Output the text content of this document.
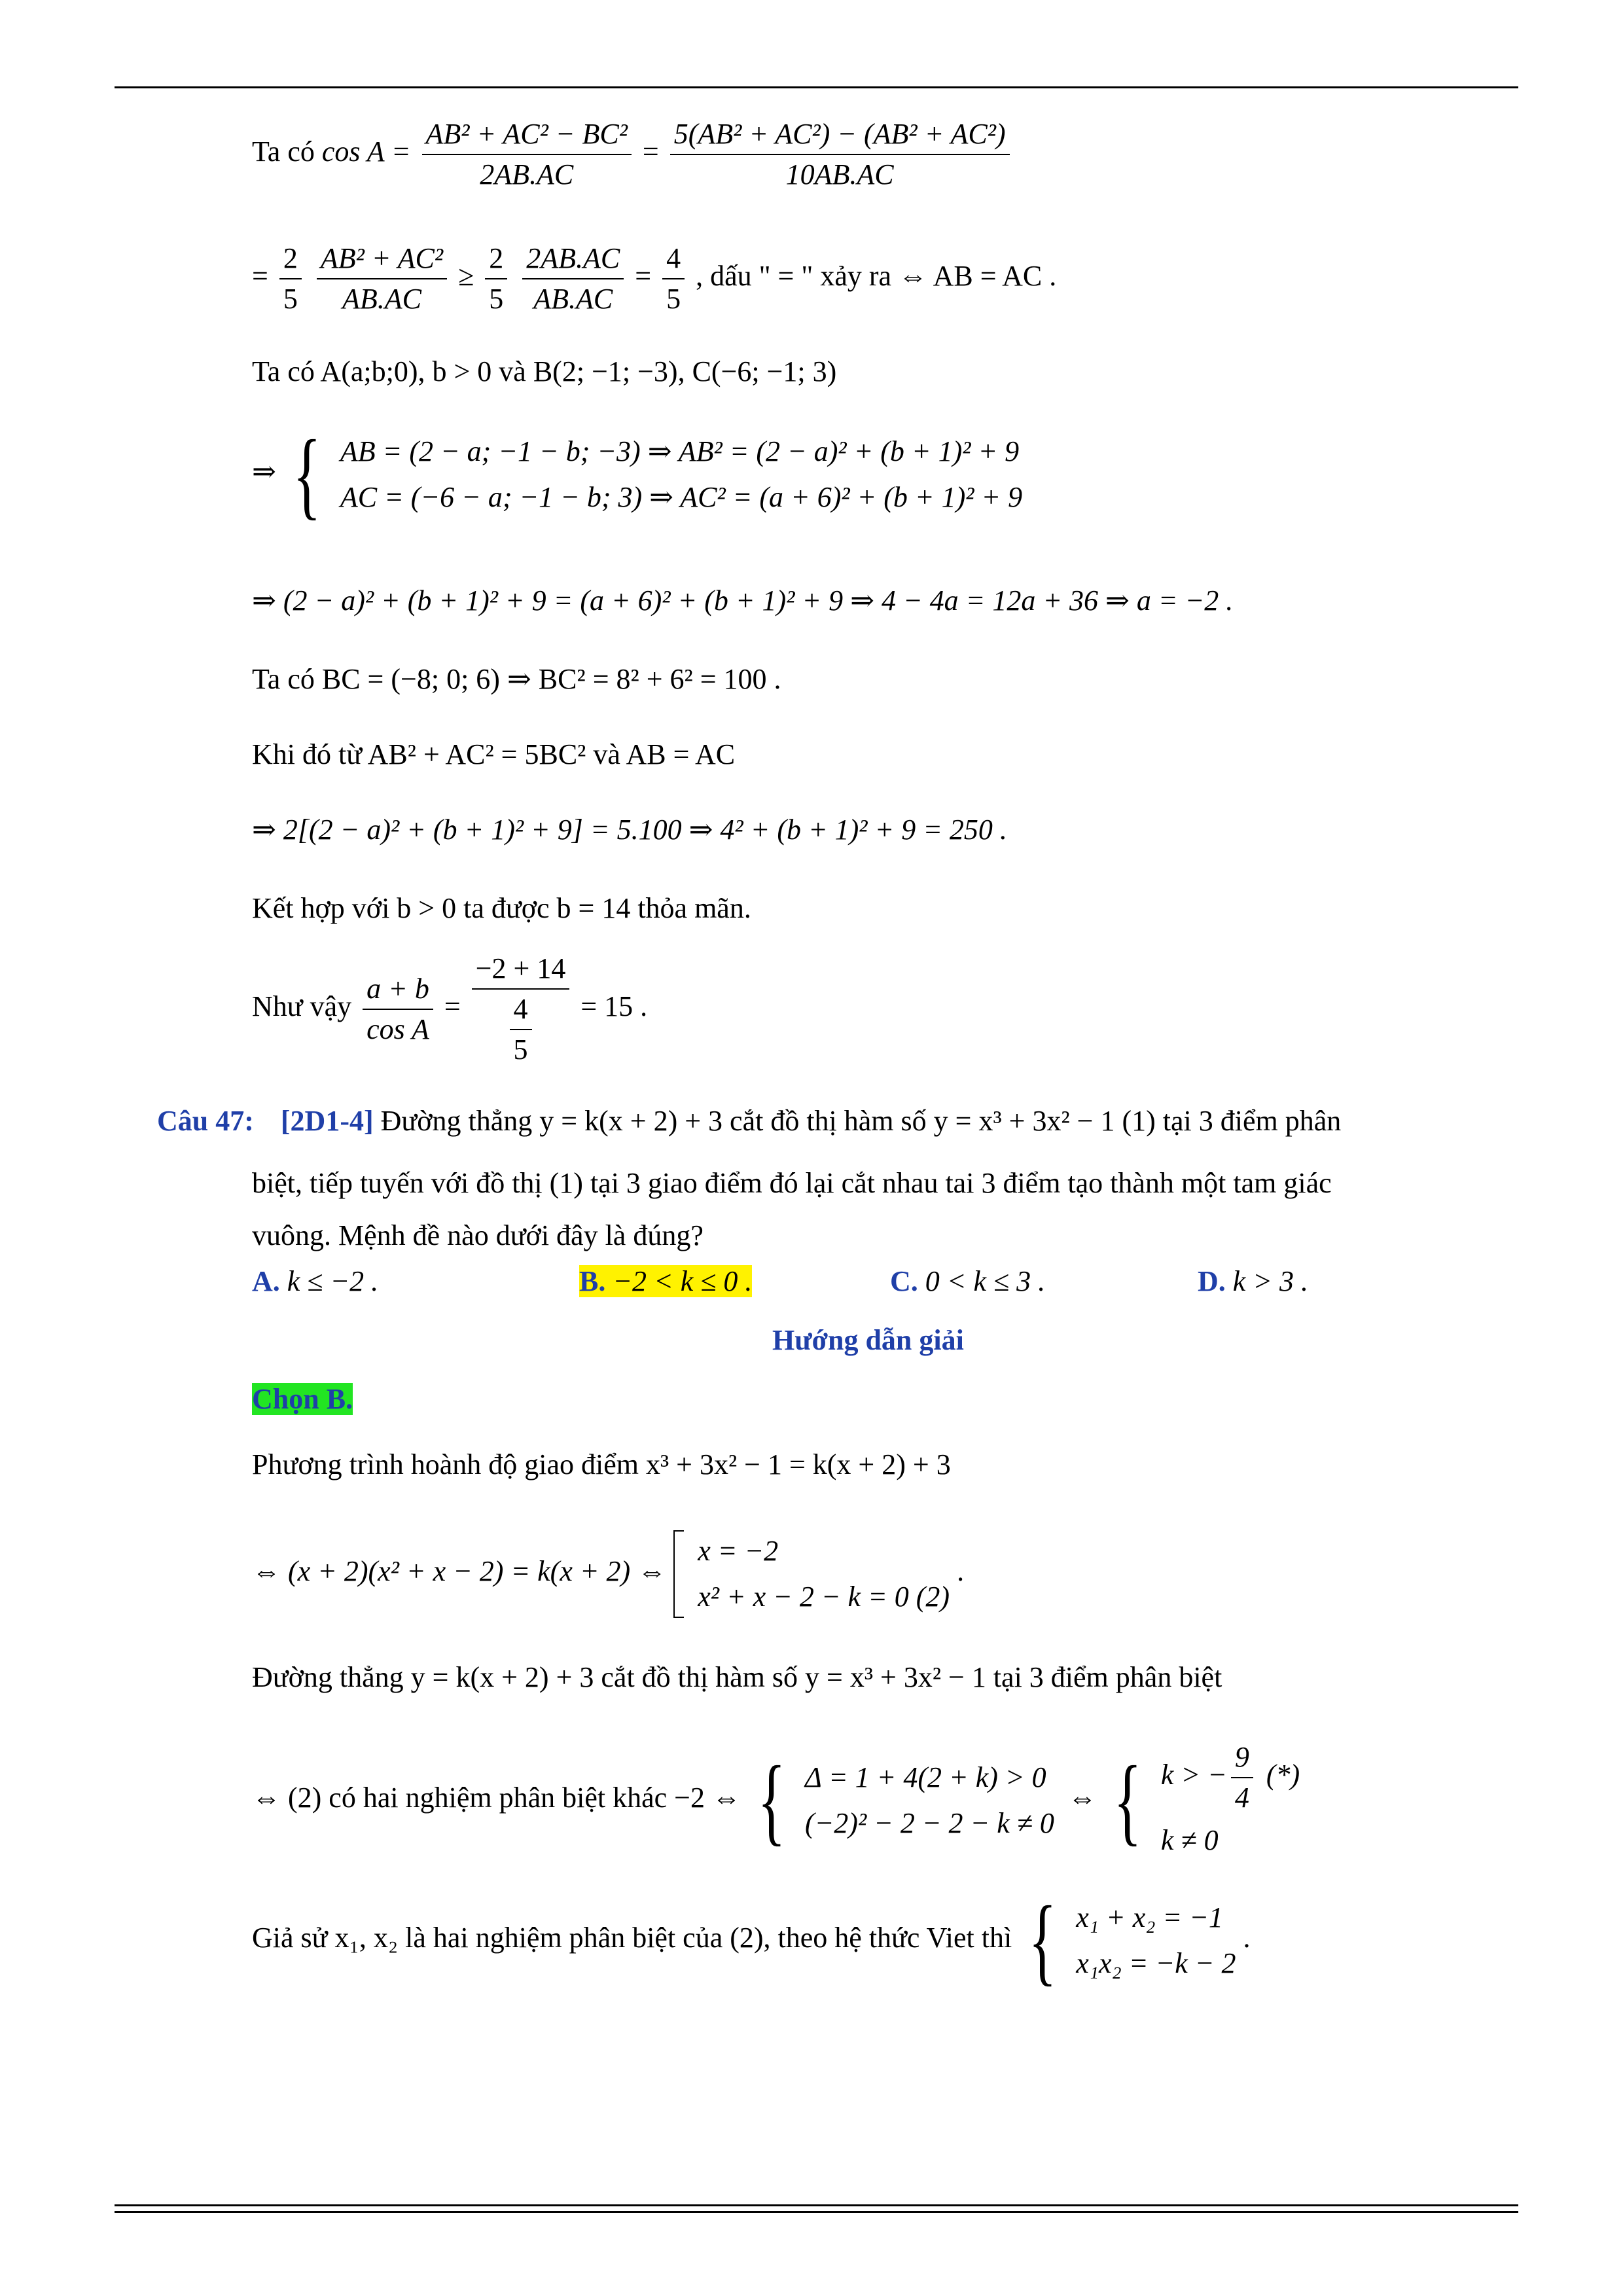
Ta có $\cos A = \frac{\text{AB² + AC² − BC²}}{2AB.AC} = \frac{\text{5(AB² + AC²) − (AB² + AC²)}}{10AB.AC}$
= $\frac{2}{5}$
$\frac{\text{AB² + AC²}}{AB.AC} \ge \frac{2}{5}$
$\frac{2AB.AC}{AB.AC} = \frac{4}{5}$ , dấu " = " xảy ra ⇔ AB = AC .
Ta có A(a;b;0), b > 0 và B(2; −1; −3), C(−6; −1; 3)
⇒ { AB = (2 − a; −1 − b; −3) ⇒ AB² = (2 − a)² + (b + 1)² + 9
AC = (−6 − a; −1 − b; 3) ⇒ AC² = (a + 6)² + (b + 1)² + 9
⇒ (2 − a)² + (b + 1)² + 9 = (a + 6)² + (b + 1)² + 9 ⇒ 4 − 4a = 12a + 36 ⇒ a = −2 .
Ta có BC = (−8; 0; 6) ⇒ BC² = 8² + 6² = 100 .
Khi đó từ AB² + AC² = 5BC² và AB = AC
⇒ 2[(2 − a)² + (b + 1)² + 9] = 5.100 ⇒ 4² + (b + 1)² + 9 = 250 .
Kết hợp với b > 0 ta được b = 14 thỏa mãn.
Như vậy $\frac{a + b}{\text{cos A}} = \frac{-2 + 14}{\frac{4}{5}} = 15$ .
Câu 47: [2D1-4] Đường thẳng y = k(x + 2) + 3 cắt đồ thị hàm số y = x³ + 3x² − 1 (1) tại 3 điểm phân
biệt, tiếp tuyến với đồ thị (1) tại 3 giao điểm đó lại cắt nhau tai 3 điểm tạo thành một tam giác
vuông. Mệnh đề nào dưới đây là đúng?
A. k ≤ −2 .	B. −2 < k ≤ 0 .	C. 0 < k ≤ 3 .	D. k > 3 .
Hướng dẫn giải
Chọn B.
Phương trình hoành độ giao điểm x³ + 3x² − 1 = k(x + 2) + 3
⇔ (x + 2)(x² + x − 2) = k(x + 2) ⇔
x = −2
x² + x − 2 − k = 0 (2)
.
Đường thẳng y = k(x + 2) + 3 cắt đồ thị hàm số y = x³ + 3x² − 1 tại 3 điểm phân biệt
⇔ (2) có hai nghiệm phân biệt khác −2 ⇔ { Δ = 1 + 4(2 + k) > 0
(−2)² − 2 − 2 − k ≠ 0
⇔ { k > − $\frac{9}{4}$ (*)
k ≠ 0
Giả sử x₁, x₂ là hai nghiệm phân biệt của (2), theo hệ thức Viet thì { x₁ + x₂ = −1
x₁x₂ = −k − 2
.
